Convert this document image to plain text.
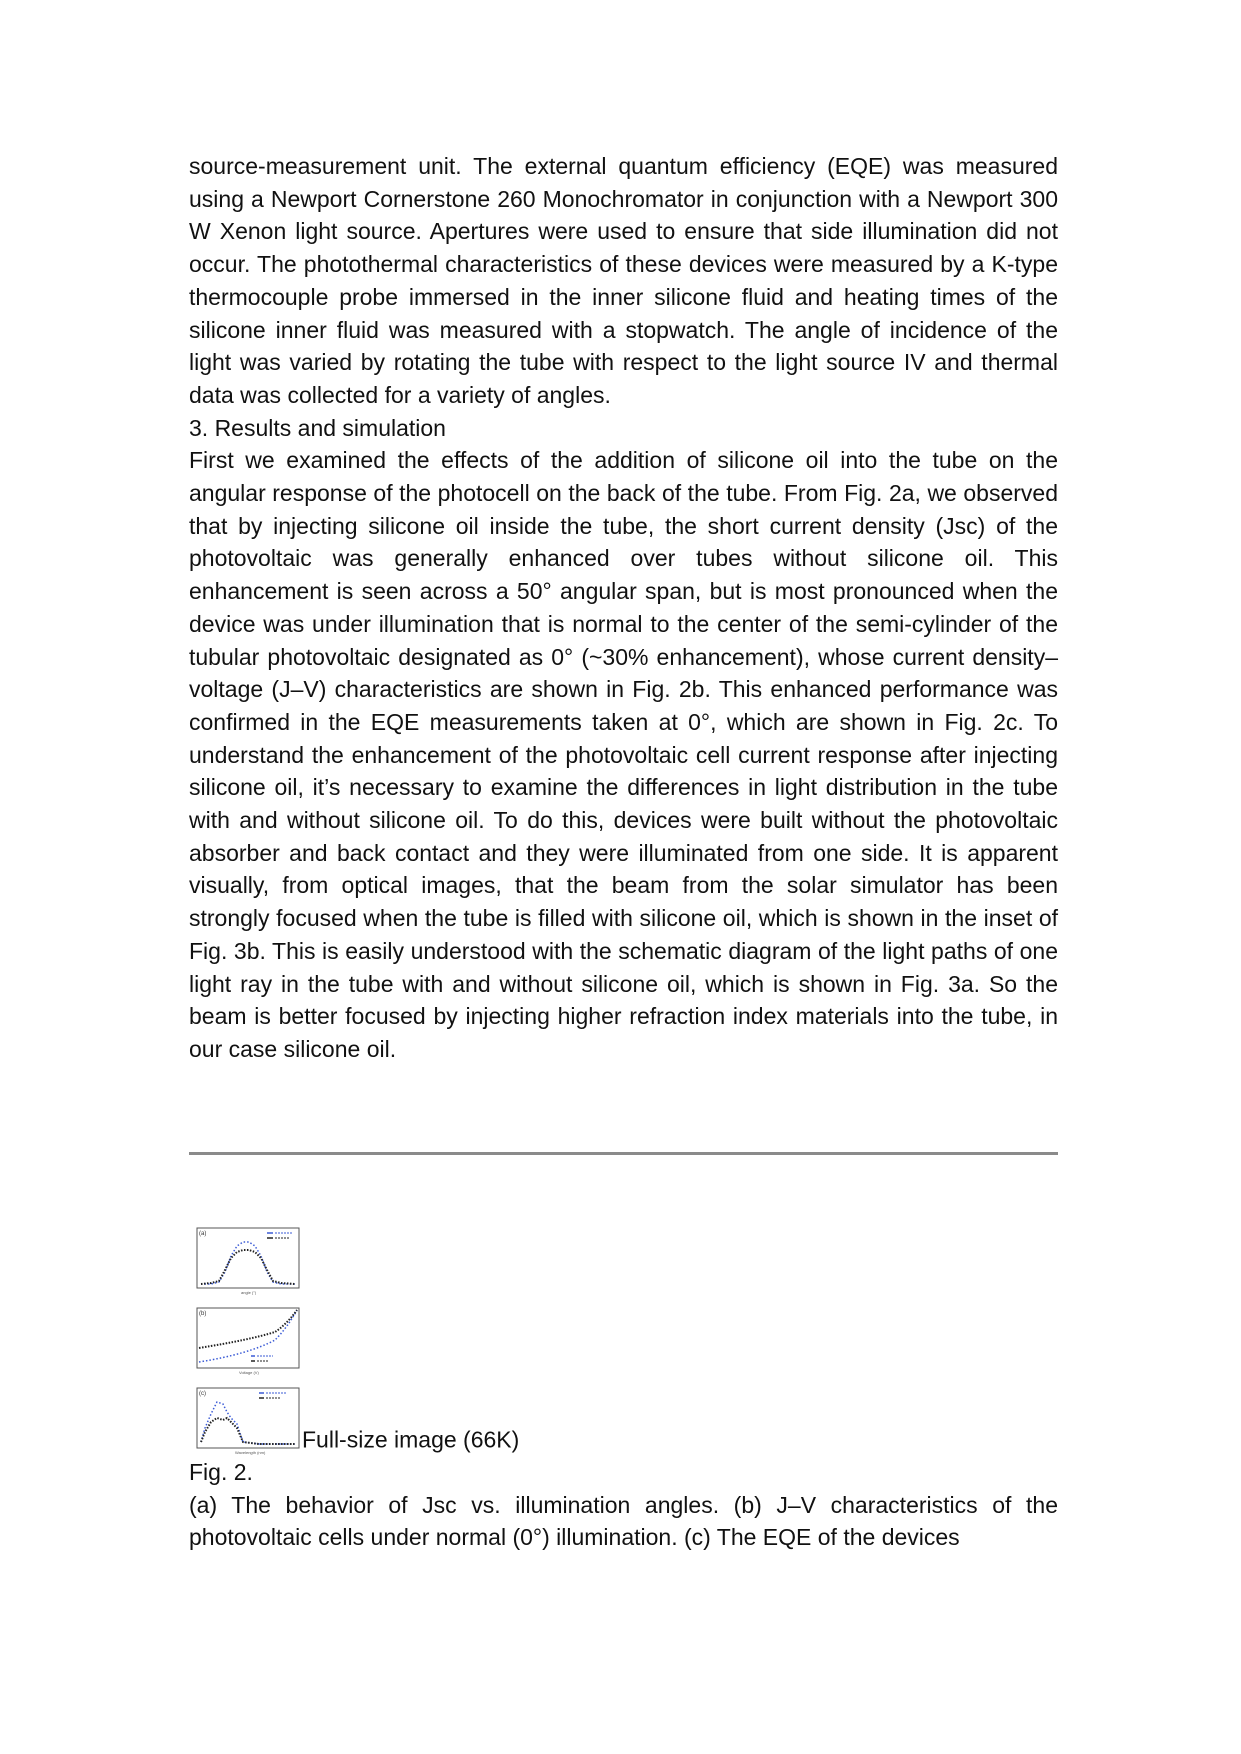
source-measurement unit. The external quantum efficiency (EQE) was measured using a Newport Cornerstone 260 Monochromator in conjunction with a Newport 300 W Xenon light source. Apertures were used to ensure that side illumination did not occur. The photothermal characteristics of these devices were measured by a K-type thermocouple probe immersed in the inner silicone fluid and heating times of the silicone inner fluid was measured with a stopwatch. The angle of incidence of the light was varied by rotating the tube with respect to the light source IV and thermal data was collected for a variety of angles.

3. Results and simulation

First we examined the effects of the addition of silicone oil into the tube on the angular response of the photocell on the back of the tube. From Fig. 2a, we observed that by injecting silicone oil inside the tube, the short current density (Jsc) of the photovoltaic was generally enhanced over tubes without silicone oil. This enhancement is seen across a 50° angular span, but is most pronounced when the device was under illumination that is normal to the center of the semi-cylinder of the tubular photovoltaic designated as 0° (~30% enhancement), whose current density–voltage (J–V) characteristics are shown in Fig. 2b. This enhanced performance was confirmed in the EQE measurements taken at 0°, which are shown in Fig. 2c. To understand the enhancement of the photovoltaic cell current response after injecting silicone oil, it’s necessary to examine the differences in light distribution in the tube with and without silicone oil. To do this, devices were built without the photovoltaic absorber and back contact and they were illuminated from one side. It is apparent visually, from optical images, that the beam from the solar simulator has been strongly focused when the tube is filled with silicone oil, which is shown in the inset of Fig. 3b. This is easily understood with the schematic diagram of the light paths of one light ray in the tube with and without silicone oil, which is shown in Fig. 3a. So the beam is better focused by injecting higher refraction index materials into the tube, in our case silicone oil.

(a)
angle (°)
(b)
Voltage (V)
(c)
Wavelength (nm)
Full-size image (66K)

Fig. 2.

(a) The behavior of Jsc vs. illumination angles. (b) J–V characteristics of the photovoltaic cells under normal (0°) illumination. (c) The EQE of the devices
